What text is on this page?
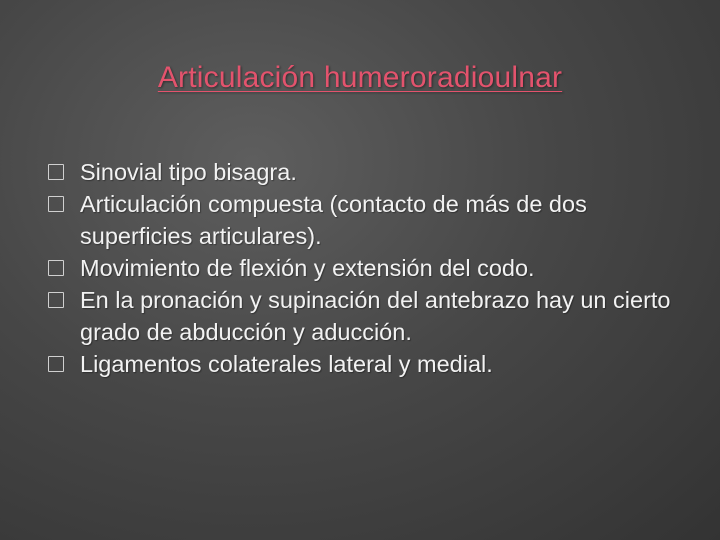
Articulación humeroradioulnar
Sinovial tipo bisagra.
Articulación compuesta (contacto de más de dos superficies articulares).
Movimiento de flexión y extensión del codo.
En la pronación y supinación del antebrazo hay un cierto grado de abducción y aducción.
Ligamentos colaterales lateral y medial.
